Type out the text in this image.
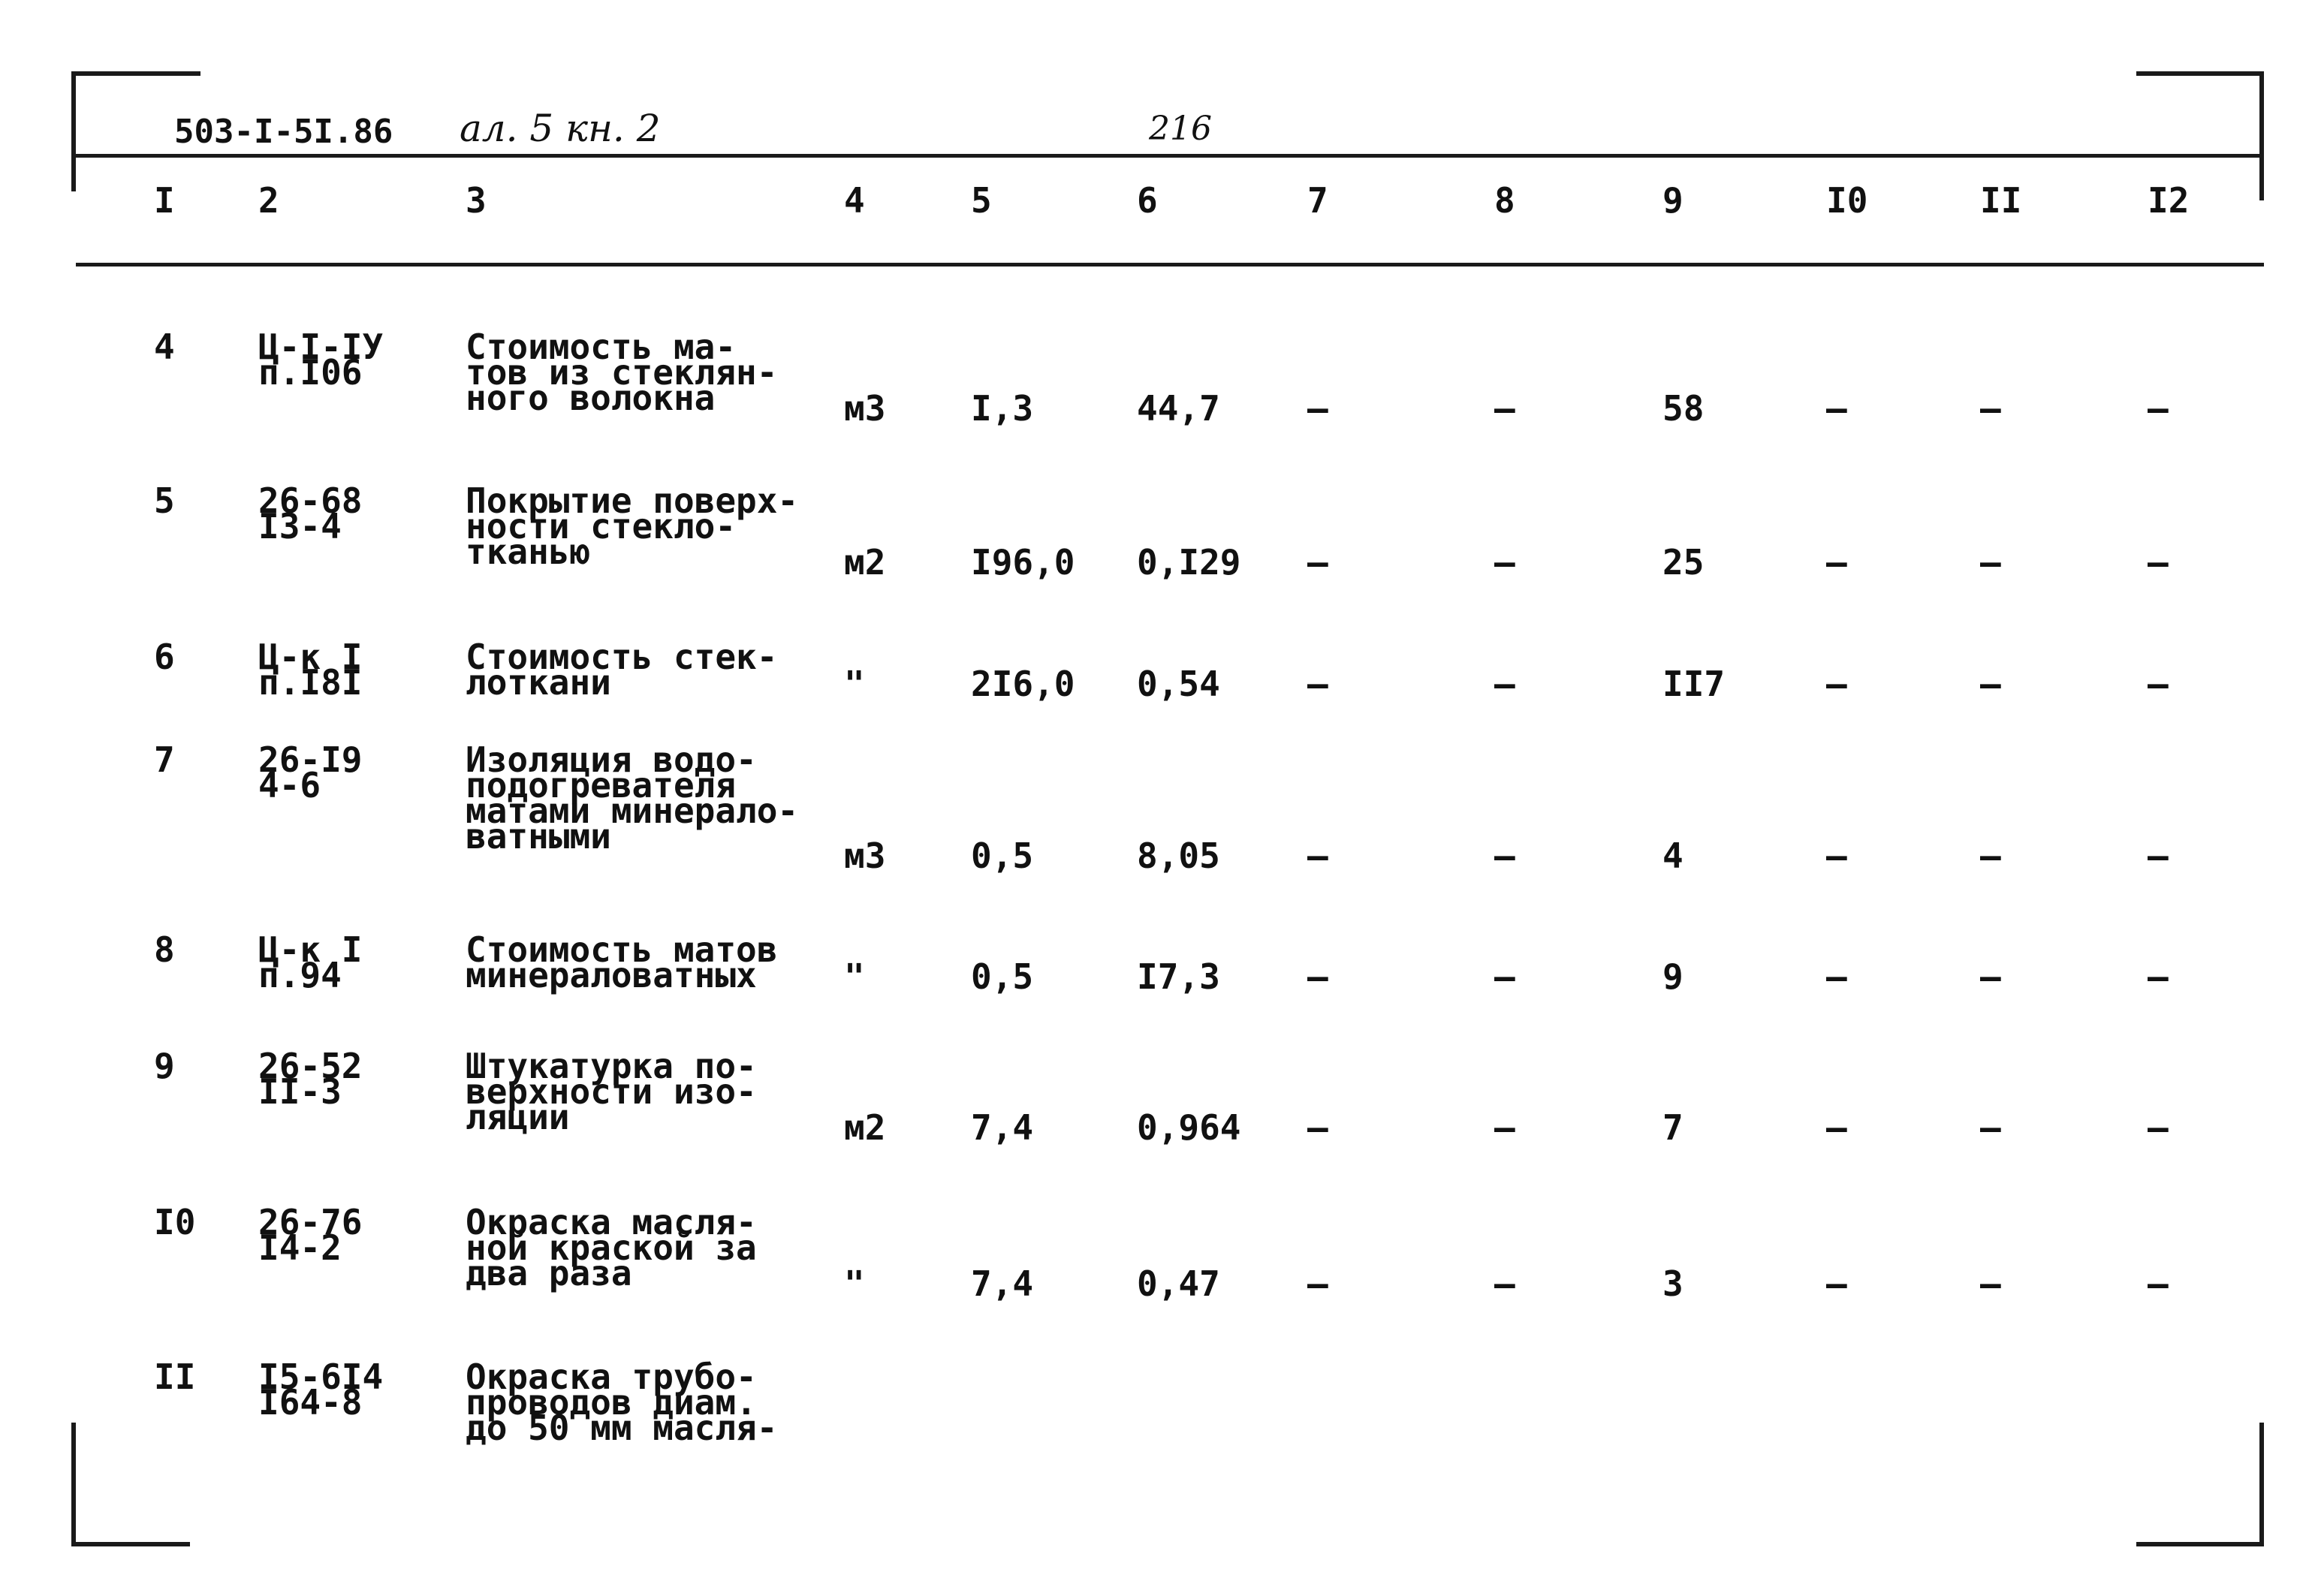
503-I-5I.86 ал. 5 кн. 2	216
I 2	3	4	5	6	7	8	9	I0	II	I2
4 Ц-I-IУ
п.I06
Стоимость ма-
тов из стеклян-
ного волокна	м3 I,3	44,7	–	–	58	–	–	–
5 26-68
I3-4
Покрытие поверх-
ности стекло-
тканью	м2 I96,0 0,I29 –	–	25	–	–	–
6 Ц-к I
п.I8I
Стоимость стек-
лоткани	"	2I6,0 0,54	–	–	II7	–	–	–
7 26-I9
4-6
Изоляция водо-
подогревателя
матами минерало-
ватными	м3 0,5	8,05	–	–	4	–	–	–
8 Ц-к I
п.94
Стоимость матов
минераловатных	"	0,5	I7,3	–	–	9	–	–	–
9 26-52
II-3
Штукатурка по-
верхности изо-
ляции	м2 7,4	0,964 –	–	7	–	–	–
I0 26-76
I4-2
Окраска масля-
ной краской за
два раза	"	7,4	0,47	–	–	3	–	–	–
II I5-6I4
I64-8
Окраска трубо-
проводов диам.
до 50 мм масля-
